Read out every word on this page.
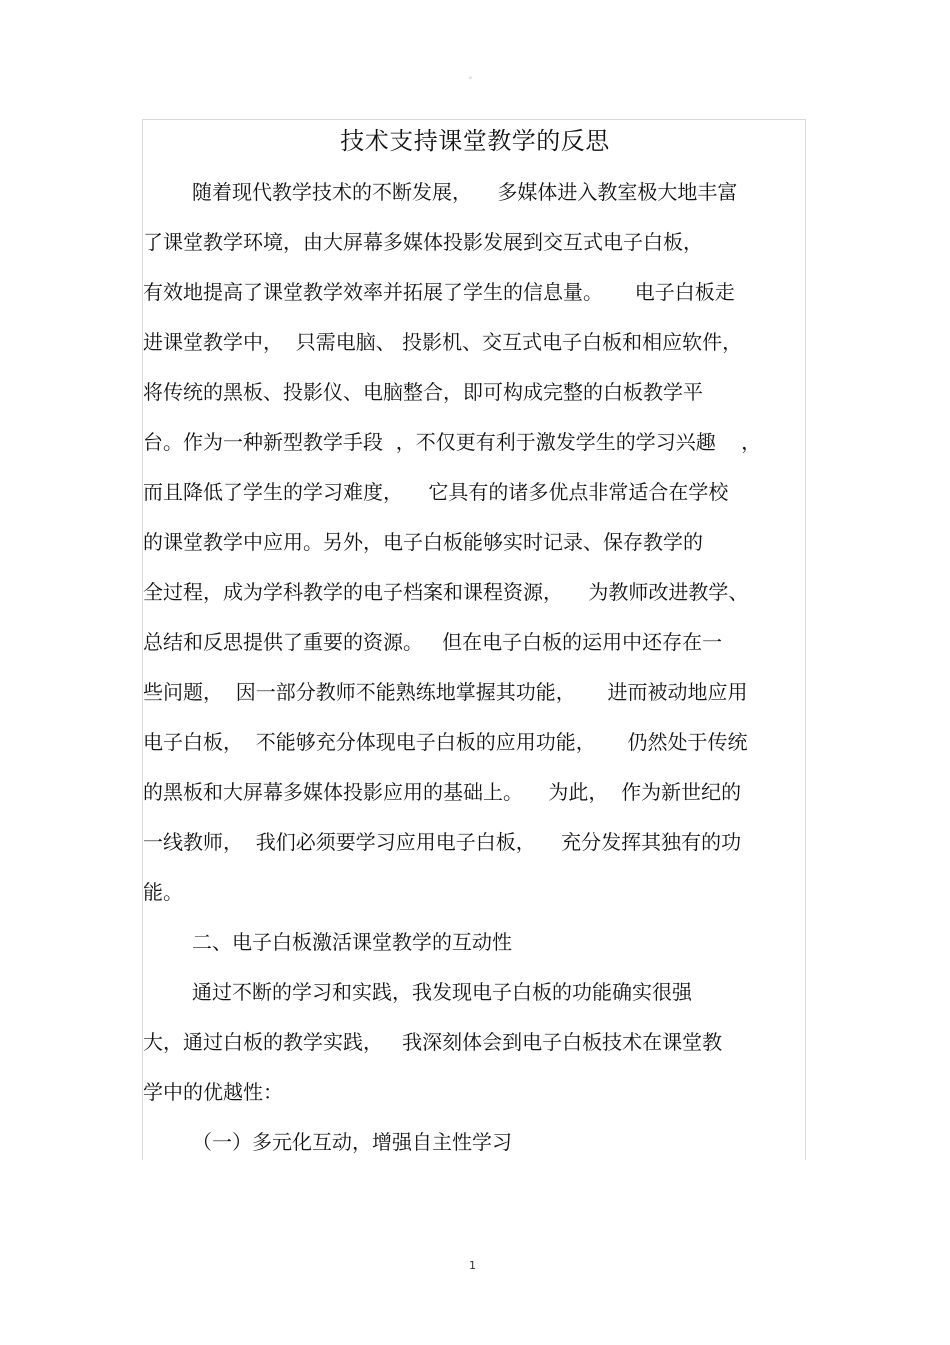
。
技术支持课堂教学的反思
随着现代教学技术的不断发展，    多媒体进入教室极大地丰富
了课堂教学环境，由大屏幕多媒体投影发展到交互式电子白板，
有效地提高了课堂教学效率并拓展了学生的信息量。     电子白板走
进课堂教学中，  只需电脑、 投影机、交互式电子白板和相应软件，
将传统的黑板、投影仪、电脑整合，即可构成完整的白板教学平
台。作为一种新型教学手段  ，不仅更有利于激发学生的学习兴趣    ，
而且降低了学生的学习难度，    它具有的诸多优点非常适合在学校
的课堂教学中应用。另外，电子白板能够实时记录、保存教学的
全过程，成为学科教学的电子档案和课程资源，    为教师改进教学、
总结和反思提供了重要的资源。   但在电子白板的运用中还存在一
些问题，  因一部分教师不能熟练地掌握其功能，     进而被动地应用
电子白板，  不能够充分体现电子白板的应用功能，     仍然处于传统
的黑板和大屏幕多媒体投影应用的基础上。    为此，  作为新世纪的
一线教师，  我们必须要学习应用电子白板，    充分发挥其独有的功
能。
二、电子白板激活课堂教学的互动性
通过不断的学习和实践，我发现电子白板的功能确实很强
大，通过白板的教学实践，   我深刻体会到电子白板技术在课堂教
学中的优越性：
（一）多元化互动，增强自主性学习
1
